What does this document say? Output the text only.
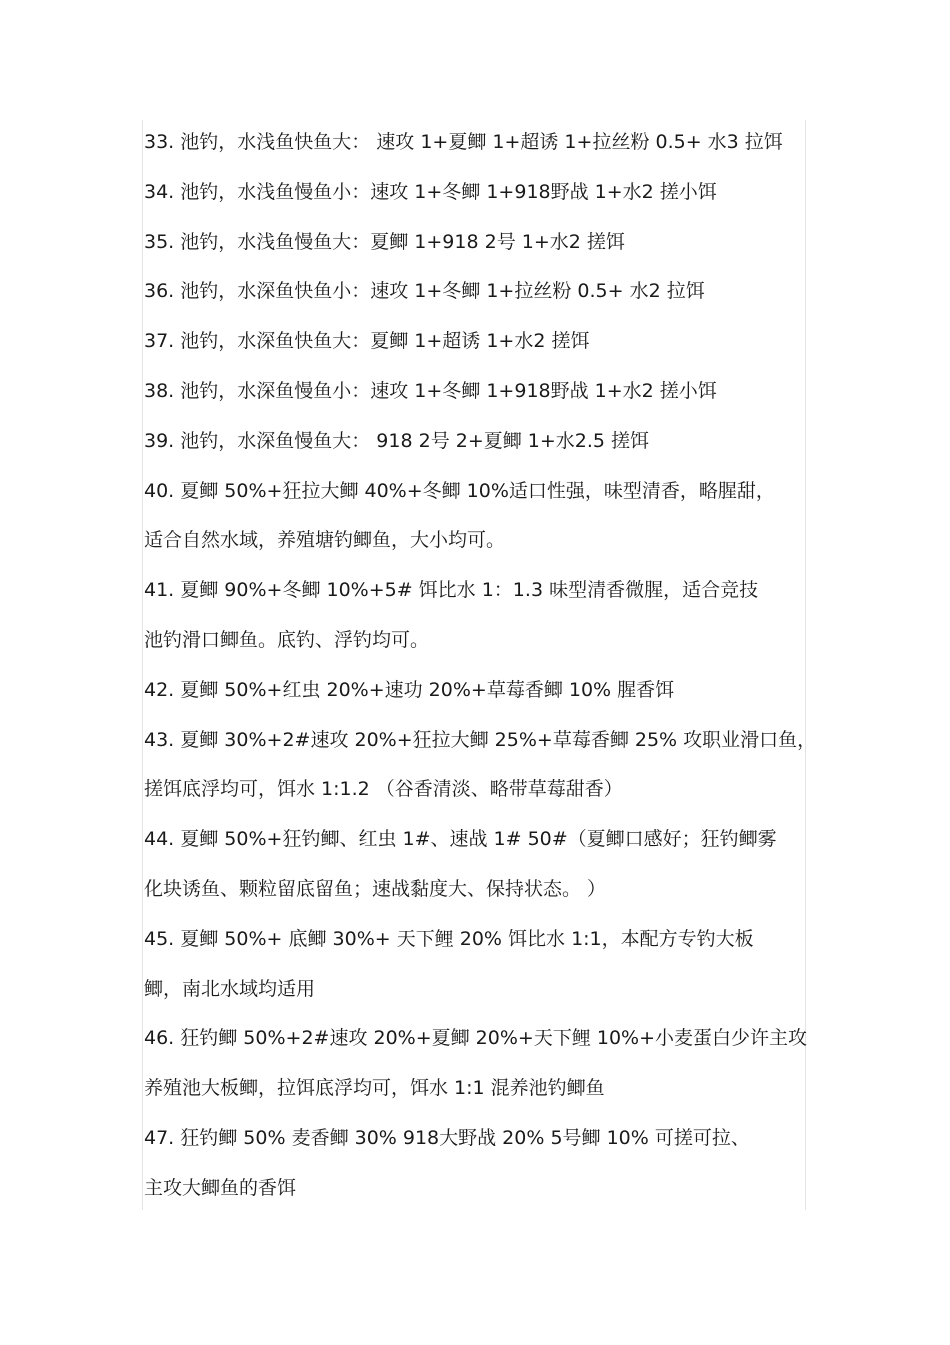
33. 池钓，水浅鱼快鱼大： 速攻 1+夏鲫 1+超诱 1+拉丝粉 0.5+ 水3 拉饵
34. 池钓，水浅鱼慢鱼小：速攻 1+冬鲫 1+918野战 1+水2 搓小饵
35. 池钓，水浅鱼慢鱼大：夏鲫 1+918 2号 1+水2 搓饵
36. 池钓，水深鱼快鱼小：速攻 1+冬鲫 1+拉丝粉 0.5+ 水2 拉饵
37. 池钓，水深鱼快鱼大：夏鲫 1+超诱 1+水2 搓饵
38. 池钓，水深鱼慢鱼小：速攻 1+冬鲫 1+918野战 1+水2 搓小饵
39. 池钓，水深鱼慢鱼大： 918 2号 2+夏鲫 1+水2.5 搓饵
40. 夏鲫 50%+狂拉大鲫 40%+冬鲫 10%适口性强，味型清香，略腥甜，
适合自然水域，养殖塘钓鲫鱼，大小均可。
41. 夏鲫 90%+冬鲫 10%+5# 饵比水 1：1.3 味型清香微腥，适合竞技
池钓滑口鲫鱼。底钓、浮钓均可。
42. 夏鲫 50%+红虫 20%+速功 20%+草莓香鲫 10% 腥香饵
43. 夏鲫 30%+2#速攻 20%+狂拉大鲫 25%+草莓香鲫 25% 攻职业滑口鱼，
搓饵底浮均可，饵水 1:1.2 （谷香清淡、略带草莓甜香）
44. 夏鲫 50%+狂钓鲫、红虫 1#、速战 1# 50#（夏鲫口感好；狂钓鲫雾
化块诱鱼、颗粒留底留鱼；速战黏度大、保持状态。 ）
45. 夏鲫 50%+ 底鲫 30%+ 天下鲤 20% 饵比水 1:1，本配方专钓大板
鲫，南北水域均适用
46. 狂钓鲫 50%+2#速攻 20%+夏鲫 20%+天下鲤 10%+小麦蛋白少许主攻
养殖池大板鲫，拉饵底浮均可，饵水 1:1 混养池钓鲫鱼
47. 狂钓鲫 50% 麦香鲫 30% 918大野战 20% 5号鲫 10% 可搓可拉、
主攻大鲫鱼的香饵
